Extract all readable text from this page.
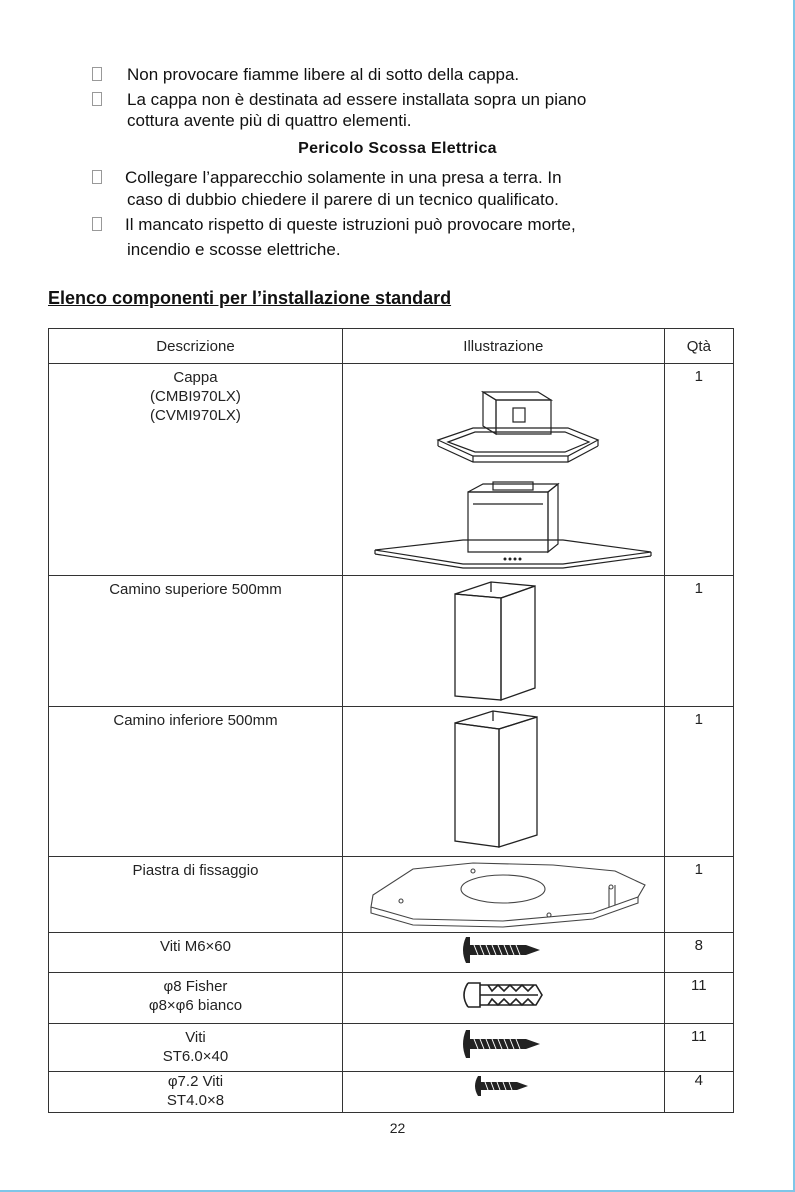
Non provocare fiamme libere al di sotto della cappa.
La cappa non è destinata ad essere installata sopra un piano
cottura avente più di quattro elementi.
Pericolo Scossa Elettrica
Collegare l’apparecchio solamente in una presa a terra. In
caso di dubbio chiedere il parere di un tecnico qualificato.
Il mancato rispetto di queste istruzioni può provocare morte,
incendio e scosse elettriche.
Elenco componenti per l’installazione standard
Descrizione	Illustrazione	Qtà

Cappa
(CMBI970LX)
(CVMI970LX)		1

Camino superiore 500mm		1

Camino inferiore 500mm		1

Piastra di fissaggio		1

Viti M6×60		8

φ8 Fisher
φ8×φ6 bianco		11

Viti
ST6.0×40		11

φ7.2 Viti
ST4.0×8		4
22
